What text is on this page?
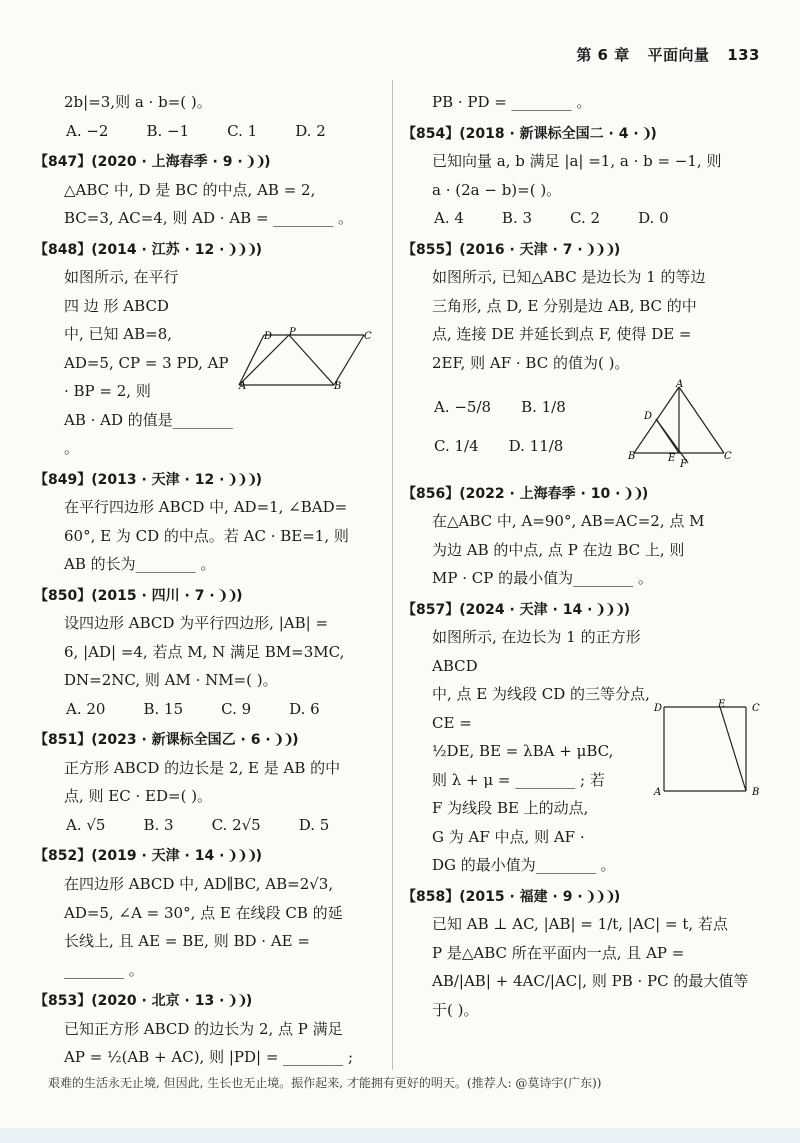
第 6 章 平面向量 133
2b|=3,则 a · b=( )。
A. −2	B. −1	C. 1	D. 2
【847】(2020 · 上海春季 · 9 · ❩❩)
△ABC 中, D 是 BC 的中点, AB = 2,
BC=3, AC=4, 则 AD · AB = ________ 。
【848】(2014 · 江苏 · 12 · ❩❩❩)
如图所示, 在平行
四 边 形 ABCD
中, 已知 AB=8,
AD=5, CP = 3 PD, AP · BP = 2, 则
AB · AD 的值是________ 。
D P	C
A	B
【849】(2013 · 天津 · 12 · ❩❩❩)
在平行四边形 ABCD 中, AD=1, ∠BAD=
60°, E 为 CD 的中点。若 AC · BE=1, 则
AB 的长为________ 。
【850】(2015 · 四川 · 7 · ❩❩)
设四边形 ABCD 为平行四边形, |AB| =
6, |AD| =4, 若点 M, N 满足 BM=3MC,
DN=2NC, 则 AM · NM=( )。
A. 20	B. 15	C. 9	D. 6
【851】(2023 · 新课标全国乙 · 6 · ❩❩)
正方形 ABCD 的边长是 2, E 是 AB 的中
点, 则 EC · ED=( )。
A. √5	B. 3	C. 2√5	D. 5
【852】(2019 · 天津 · 14 · ❩❩❩)
在四边形 ABCD 中, AD∥BC, AB=2√3,
AD=5, ∠A = 30°, 点 E 在线段 CB 的延
长线上, 且 AE = BE, 则 BD · AE =
________ 。
【853】(2020 · 北京 · 13 · ❩❩)
已知正方形 ABCD 的边长为 2, 点 P 满足
AP = ½(AB + AC), 则 |PD| = ________ ;
PB · PD = ________ 。
【854】(2018 · 新课标全国二 · 4 · ❩)
已知向量 a, b 满足 |a| =1, a · b = −1, 则
a · (2a − b)=( )。
A. 4	B. 3	C. 2	D. 0
【855】(2016 · 天津 · 7 · ❩❩❩)
如图所示, 已知△ABC 是边长为 1 的等边
三角形, 点 D, E 分别是边 AB, BC 的中
点, 连接 DE 并延长到点 F, 使得 DE =
2EF, 则 AF · BC 的值为( )。
A. −5/8 B. 1/8
C. 1/4 D. 11/8
A
D
B	E
F
C
【856】(2022 · 上海春季 · 10 · ❩❩)
在△ABC 中, A=90°, AB=AC=2, 点 M
为边 AB 的中点, 点 P 在边 BC 上, 则
MP · CP 的最小值为________ 。
【857】(2024 · 天津 · 14 · ❩❩❩)
如图所示, 在边长为 1 的正方形 ABCD
中, 点 E 为线段 CD 的三等分点, CE =
½DE, BE = λBA + μBC,
则 λ + μ = ________ ; 若
F 为线段 BE 上的动点,
G 为 AF 中点, 则 AF ·
DG 的最小值为________ 。
D	E	C
A	B
【858】(2015 · 福建 · 9 · ❩❩❩)
已知 AB ⊥ AC, |AB| = 1/t, |AC| = t, 若点
P 是△ABC 所在平面内一点, 且 AP =
AB/|AB| + 4AC/|AC|, 则 PB · PC 的最大值等
于( )。
艰难的生活永无止境, 但因此, 生长也无止境。振作起来, 才能拥有更好的明天。(推荐人: @莫诗宇(广东))
